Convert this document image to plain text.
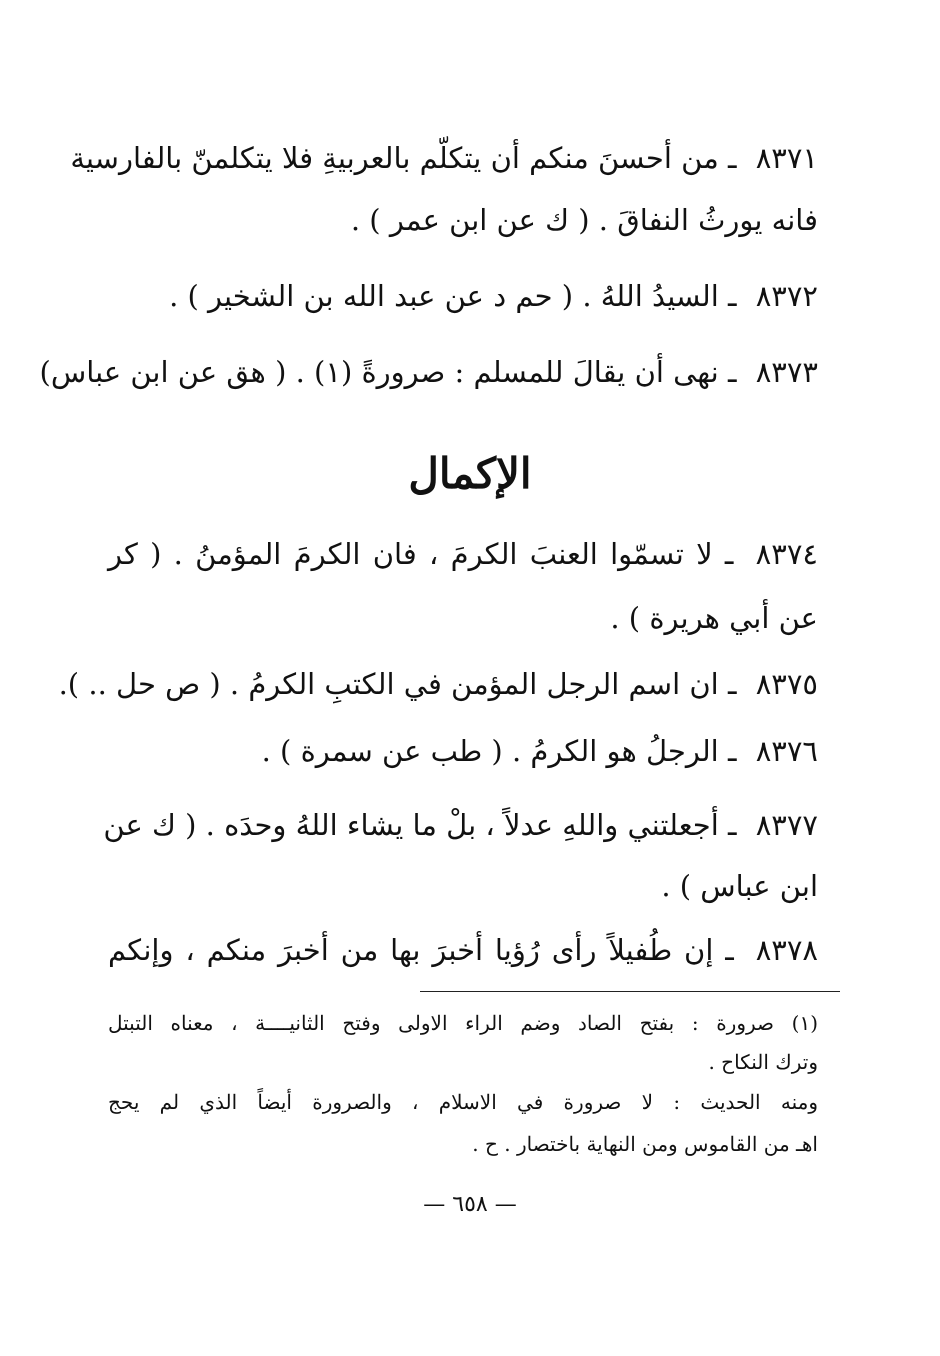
٨٣٧١ ـ من أحسنَ منكم أن يتكلّم بالعربيةِ فلا يتكلمنّ بالفارسية
فانه يورثُ النفاقَ . ( ك عن ابن عمر ) .
٨٣٧٢ ـ السيدُ اللهُ . ( حم د عن عبد الله بن الشخير ) .
٨٣٧٣ ـ نهى أن يقالَ للمسلم : صرورةً (١) . ( هق عن ابن عباس)
الإكمال
٨٣٧٤ ـ لا تسمّوا العنبَ الكرمَ ، فان الكرمَ المؤمنُ . ( كر
عن أبي هريرة ) .
٨٣٧٥ ـ ان اسم الرجل المؤمن في الكتبِ الكرمُ . ( ص حل .. ).
٨٣٧٦ ـ الرجلُ هو الكرمُ . ( طب عن سمرة ) .
٨٣٧٧ ـ أجعلتني واللهِ عدلاً ، بلْ ما يشاء اللهُ وحدَه . ( ك عن
ابن عباس ) .
٨٣٧٨ ـ إن طُفيلاً رأى رُؤيا أخبرَ بها من أخبرَ منكم ، وإنكم
(١) صرورة : بفتح الصاد وضم الراء الاولى وفتح الثانيــــة ، معناه التبتل
وترك النكاح .
ومنه الحديث : لا صرورة في الاسلام ، والصرورة أيضاً الذي لم يحج
اهـ من القاموس ومن النهاية باختصار . ح .
— ٦٥٨ —
